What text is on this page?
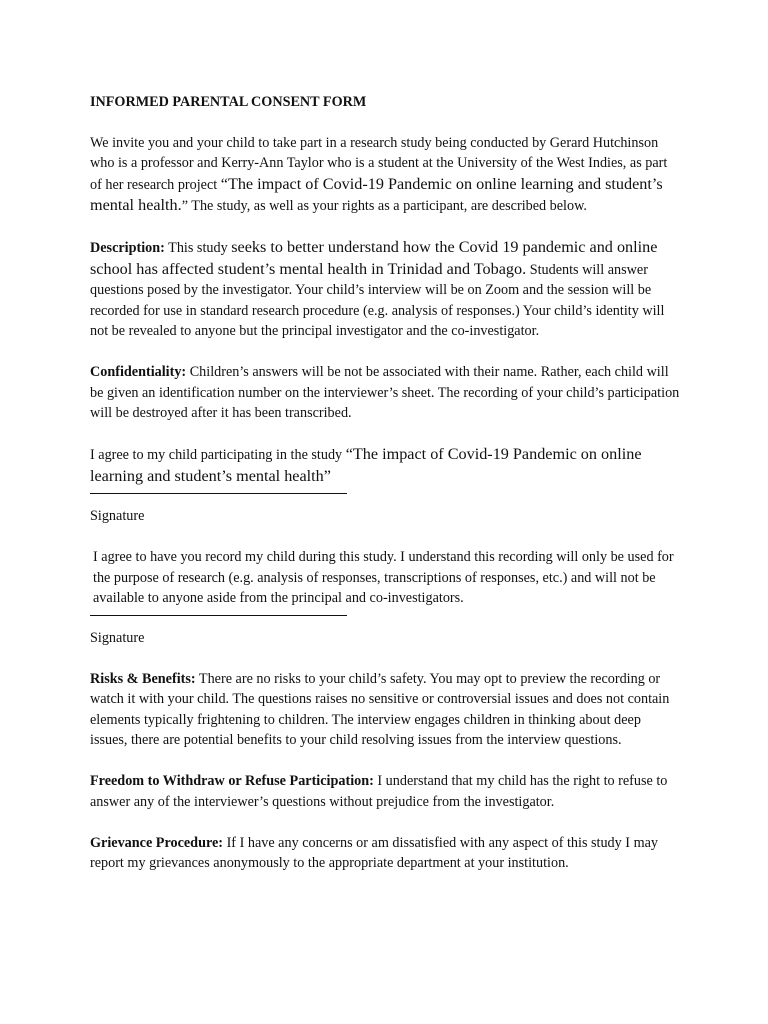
INFORMED PARENTAL CONSENT FORM

We invite you and your child to take part in a research study being conducted by Gerard Hutchinson who is a professor and Kerry-Ann Taylor who is a student at the University of the West Indies, as part of her research project “The impact of Covid-19 Pandemic on online learning and student’s mental health.” The study, as well as your rights as a participant, are described below.

Description: This study seeks to better understand how the Covid 19 pandemic and online school has affected student’s mental health in Trinidad and Tobago. Students will answer questions posed by the investigator. Your child’s interview will be on Zoom and the session will be recorded for use in standard research procedure (e.g. analysis of responses.) Your child’s identity will not be revealed to anyone but the principal investigator and the co-investigator.

Confidentiality: Children’s answers will be not be associated with their name. Rather, each child will be given an identification number on the interviewer’s sheet. The recording of your child’s participation will be destroyed after it has been transcribed.

I agree to my child participating in the study “The impact of Covid-19 Pandemic on online learning and student’s mental health”
Signature
I agree to have you record my child during this study. I understand this recording will only be used for the purpose of research (e.g. analysis of responses, transcriptions of responses, etc.) and will not be available to anyone aside from the principal and co-investigators.
Signature

Risks & Benefits: There are no risks to your child’s safety. You may opt to preview the recording or watch it with your child. The questions raises no sensitive or controversial issues and does not contain elements typically frightening to children. The interview engages children in thinking about deep issues, there are potential benefits to your child resolving issues from the interview questions.

Freedom to Withdraw or Refuse Participation: I understand that my child has the right to refuse to answer any of the interviewer’s questions without prejudice from the investigator.

Grievance Procedure: If I have any concerns or am dissatisfied with any aspect of this study I may report my grievances anonymously to the appropriate department at your institution.
